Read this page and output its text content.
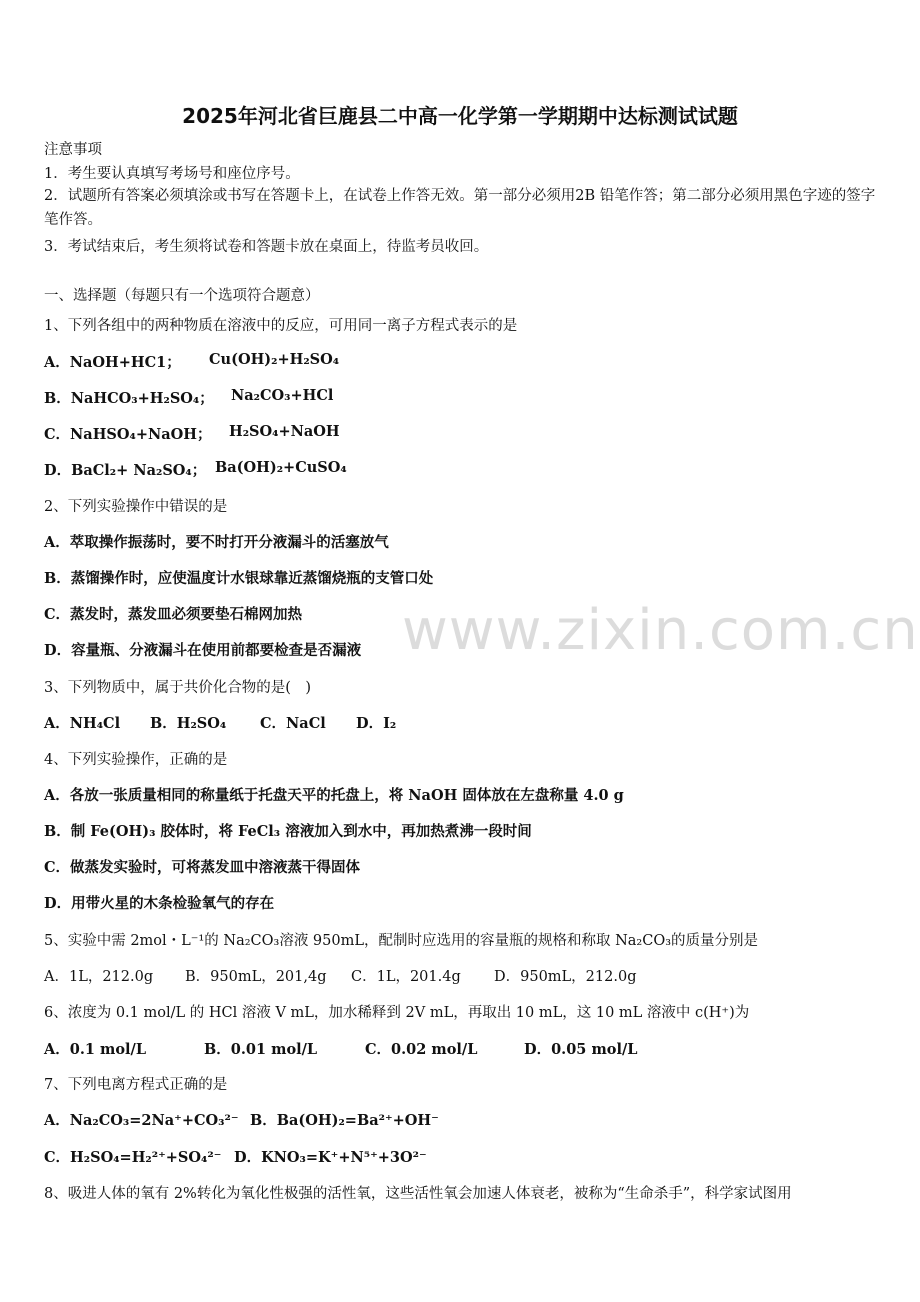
2025年河北省巨鹿县二中高一化学第一学期期中达标测试试题
注意事项
1．考生要认真填写考场号和座位序号。
2．试题所有答案必须填涂或书写在答题卡上，在试卷上作答无效。第一部分必须用2B 铅笔作答；第二部分必须用黑色字迹的签字笔作答。
3．考试结束后，考生须将试卷和答题卡放在桌面上，待监考员收回。
一、选择题（每题只有一个选项符合题意）
1、下列各组中的两种物质在溶液中的反应，可用同一离子方程式表示的是
A．NaOH+HC1； Cu(OH)₂+H₂SO₄
B．NaHCO₃+H₂SO₄； Na₂CO₃+HCl
C．NaHSO₄+NaOH； H₂SO₄+NaOH
D．BaCl₂+ Na₂SO₄； Ba(OH)₂+CuSO₄
2、下列实验操作中错误的是
A．萃取操作振荡时，要不时打开分液漏斗的活塞放气
B．蒸馏操作时，应使温度计水银球靠近蒸馏烧瓶的支管口处
C．蒸发时，蒸发皿必须要垫石棉网加热
D．容量瓶、分液漏斗在使用前都要检查是否漏液
3、下列物质中，属于共价化合物的是(　)
A．NH₄Cl B．H₂SO₄ C．NaCl D．I₂
4、下列实验操作，正确的是
A．各放一张质量相同的称量纸于托盘天平的托盘上，将 NaOH 固体放在左盘称量 4.0 g
B．制 Fe(OH)₃ 胶体时，将 FeCl₃ 溶液加入到水中，再加热煮沸一段时间
C．做蒸发实验时，可将蒸发皿中溶液蒸干得固体
D．用带火星的木条检验氧气的存在
5、实验中需 2mol・L⁻¹的 Na₂CO₃溶液 950mL，配制时应选用的容量瓶的规格和称取 Na₂CO₃的质量分别是
A．1L，212.0g B．950mL，201,4g C．1L，201.4g D．950mL，212.0g
6、浓度为 0.1 mol/L 的 HCl 溶液 V mL，加水稀释到 2V mL，再取出 10 mL，这 10 mL 溶液中 c(H⁺)为
A．0.1 mol/L	B．0.01 mol/L	C．0.02 mol/L	D．0.05 mol/L
7、下列电离方程式正确的是
A．Na₂CO₃=2Na⁺+CO₃²⁻ B．Ba(OH)₂=Ba²⁺+OH⁻
C．H₂SO₄=H₂²⁺+SO₄²⁻ D．KNO₃=K⁺+N⁵⁺+3O²⁻
8、吸进人体的氧有 2%转化为氧化性极强的活性氧，这些活性氧会加速人体衰老，被称为“生命杀手”，科学家试图用
www.zixin.com.cn
